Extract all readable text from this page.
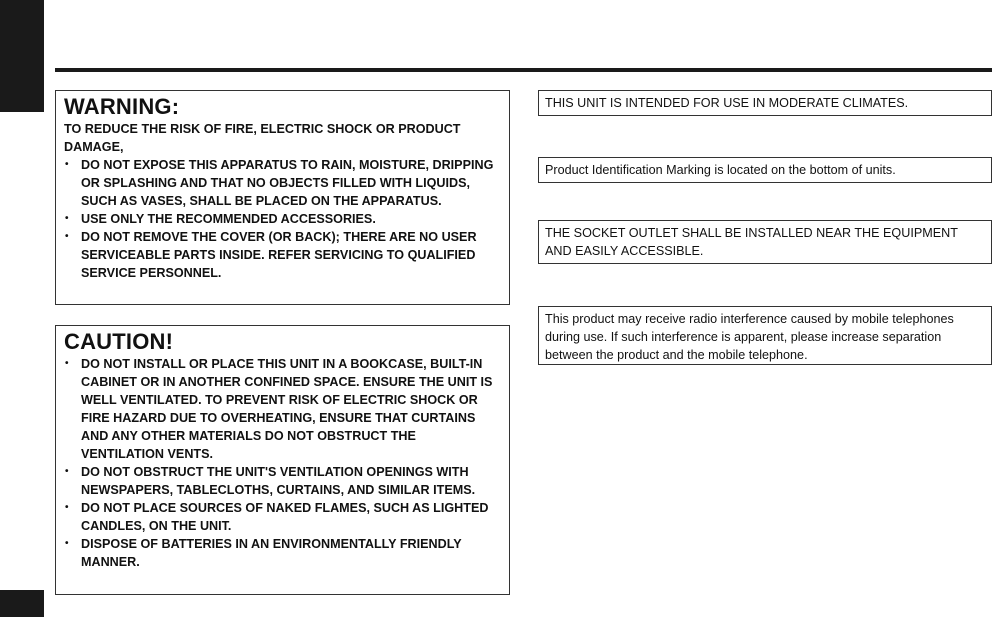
WARNING:

TO REDUCE THE RISK OF FIRE, ELECTRIC SHOCK OR PRODUCT DAMAGE,

• DO NOT EXPOSE THIS APPARATUS TO RAIN, MOISTURE, DRIPPING OR SPLASHING AND THAT NO OBJECTS FILLED WITH LIQUIDS, SUCH AS VASES, SHALL BE PLACED ON THE APPARATUS.
• USE ONLY THE RECOMMENDED ACCESSORIES.
• DO NOT REMOVE THE COVER (OR BACK); THERE ARE NO USER SERVICEABLE PARTS INSIDE. REFER SERVICING TO QUALIFIED SERVICE PERSONNEL.
CAUTION!
• DO NOT INSTALL OR PLACE THIS UNIT IN A BOOKCASE, BUILT-IN CABINET OR IN ANOTHER CONFINED SPACE. ENSURE THE UNIT IS WELL VENTILATED. TO PREVENT RISK OF ELECTRIC SHOCK OR FIRE HAZARD DUE TO OVERHEATING, ENSURE THAT CURTAINS AND ANY OTHER MATERIALS DO NOT OBSTRUCT THE VENTILATION VENTS.
• DO NOT OBSTRUCT THE UNIT'S VENTILATION OPENINGS WITH NEWSPAPERS, TABLECLOTHS, CURTAINS, AND SIMILAR ITEMS.
• DO NOT PLACE SOURCES OF NAKED FLAMES, SUCH AS LIGHTED CANDLES, ON THE UNIT.
• DISPOSE OF BATTERIES IN AN ENVIRONMENTALLY FRIENDLY MANNER.

THIS UNIT IS INTENDED FOR USE IN MODERATE CLIMATES.

Product Identification Marking is located on the bottom of units.

THE SOCKET OUTLET SHALL BE INSTALLED NEAR THE EQUIPMENT AND EASILY ACCESSIBLE.

This product may receive radio interference caused by mobile telephones during use. If such interference is apparent, please increase separation between the product and the mobile telephone.
